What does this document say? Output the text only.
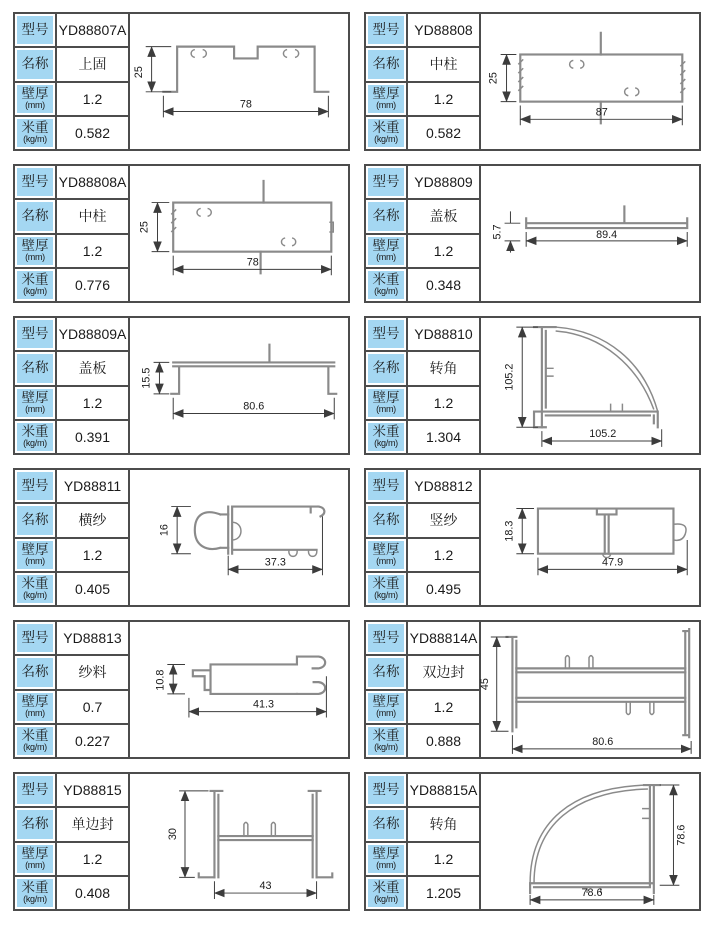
型号 YD88807A
名称	上固
壁厚
(mm)	1.2
米重
(kg/m)	0.582
25
78
型号	YD88808
名称	中柱
壁厚
(mm)	1.2
米重
(kg/m)	0.582
25
87
型号 YD88808A
名称	中柱
壁厚
(mm)	1.2
米重
(kg/m)	0.776
25
78
型号	YD88809
名称	盖板
壁厚
(mm)	1.2
米重
(kg/m)	0.348
5.7	89.4
型号 YD88809A
名称	盖板
壁厚
(mm)	1.2
米重
(kg/m)	0.391
15.5
80.6
型号	YD88810
名称	转角
壁厚
(mm)	1.2
米重
(kg/m)	1.304
105.2
105.2
型号	YD88811
名称	横纱
壁厚
(mm)	1.2
米重
(kg/m)	0.405
16
37.3
型号	YD88812
名称	竖纱
壁厚
(mm)	1.2
米重
(kg/m)	0.495
18.3
47.9
型号	YD88813
名称	纱料
壁厚
(mm)	0.7
米重
(kg/m)	0.227
10.8
41.3
型号 YD88814A
名称	双边封
壁厚
(mm)	1.2
米重
(kg/m)	0.888
45
80.6
型号	YD88815
名称	单边封
壁厚
(mm)	1.2
米重
(kg/m)	0.408
30
43
型号 YD88815A
名称	转角
壁厚
(mm)	1.2
米重
(kg/m)	1.205
78.6
78.6
